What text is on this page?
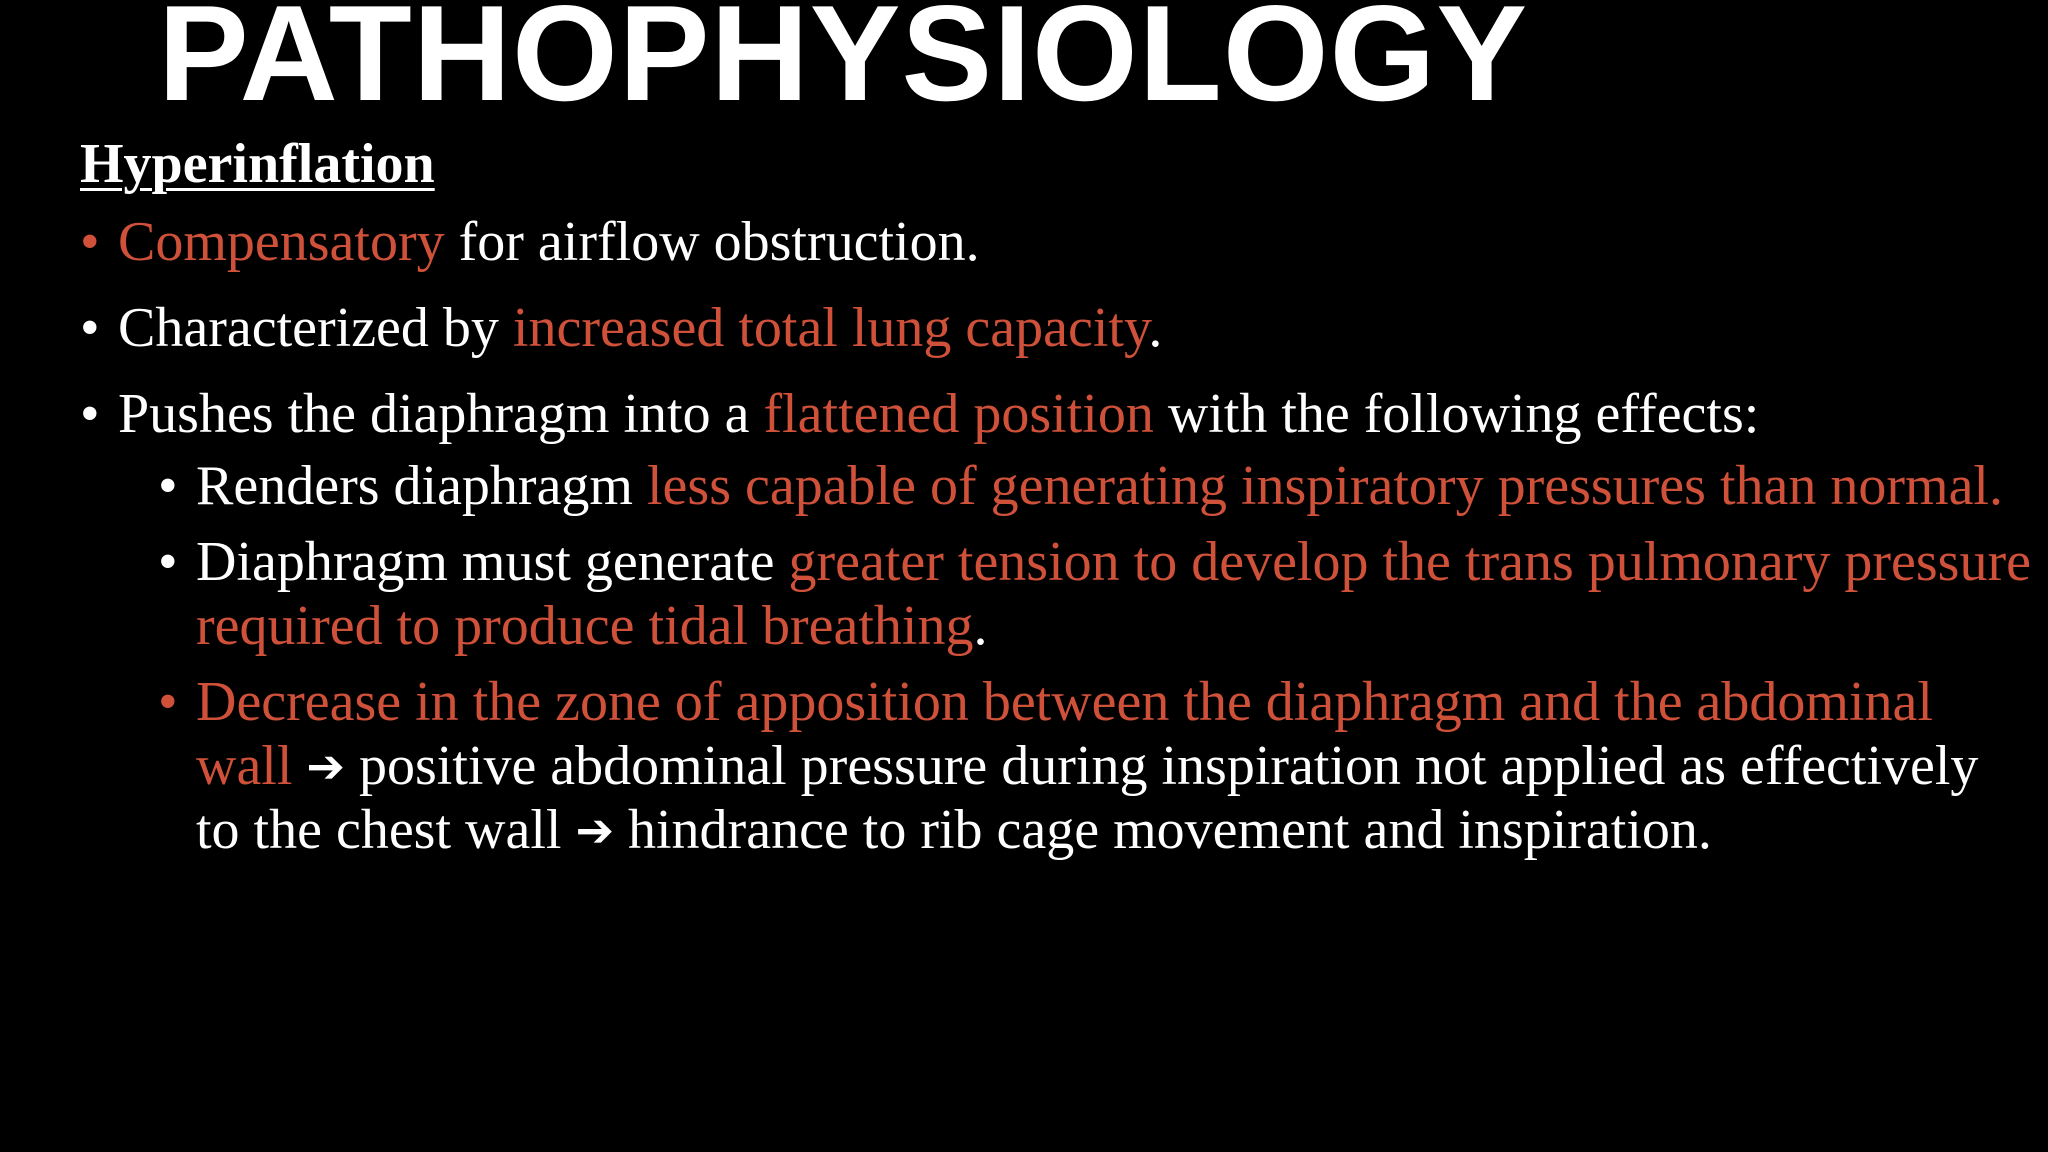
PATHOPHYSIOLOGY
Hyperinflation
• Compensatory for airflow obstruction.
• Characterized by increased total lung capacity.
• Pushes the diaphragm into a flattened position with the following effects:
• Renders diaphragm less capable of generating inspiratory pressures than normal.
• Diaphragm must generate greater tension to develop the trans pulmonary pressure required to produce tidal breathing.
• Decrease in the zone of apposition between the diaphragm and the abdominal wall ➔ positive abdominal pressure during inspiration not applied as effectively to the chest wall ➔ hindrance to rib cage movement and inspiration.
